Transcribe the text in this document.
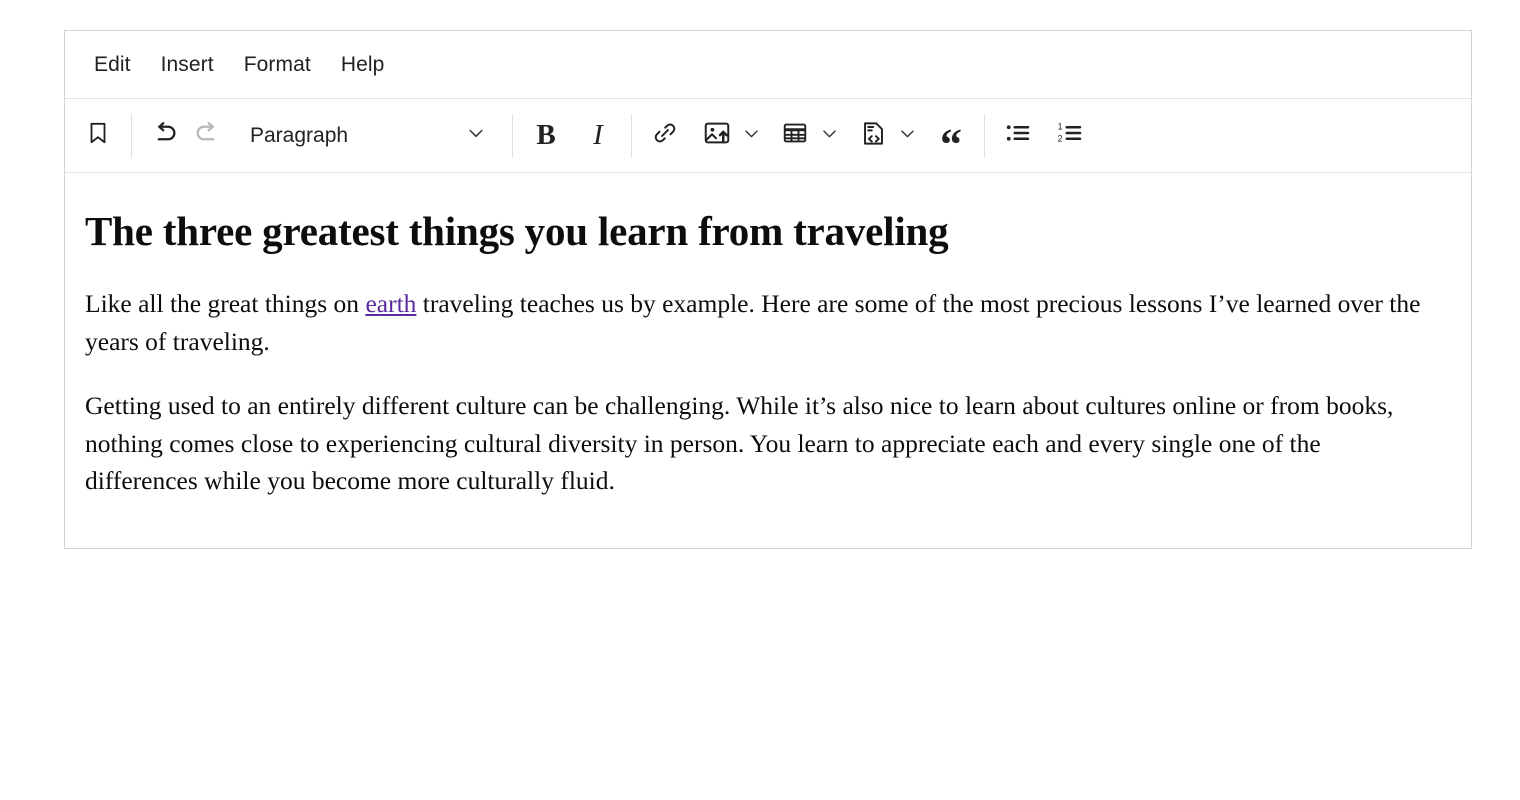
Edit	Insert	Format	Help
Paragraph	B I	“	1
2
The three greatest things you learn from traveling

Like all the great things on earth traveling teaches us by example. Here are some of the most precious lessons I’ve learned over the years of traveling.

Getting used to an entirely different culture can be challenging. While it’s also nice to learn about cultures online or from books, nothing comes close to experiencing cultural diversity in person. You learn to appreciate each and every single one of the differences while you become more culturally fluid.
